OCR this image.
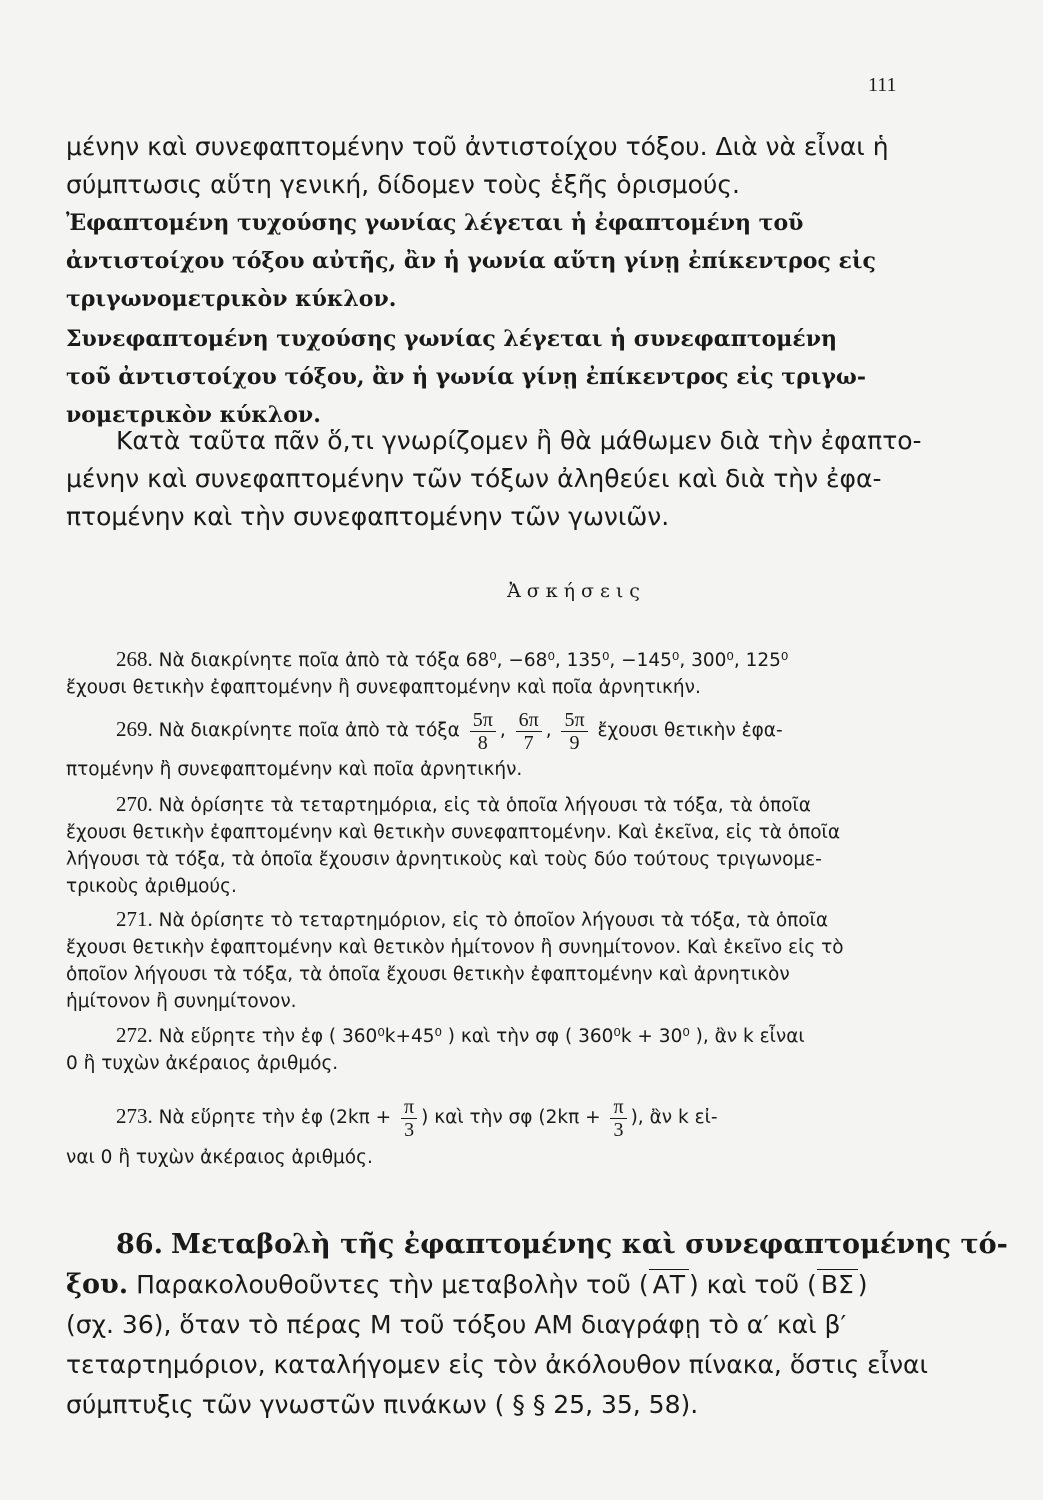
111

μένην καὶ συνεφαπτομένην τοῦ ἀντιστοίχου τόξου. Διὰ νὰ εἶναι ἡ

σύμπτωσις αὕτη γενική, δίδομεν τοὺς ἑξῆς ὁρισμούς.

Ἐφαπτομένη τυχούσης γωνίας λέγεται ἡ ἐφαπτομένη τοῦ

ἀντιστοίχου τόξου αὐτῆς, ἂν ἡ γωνία αὕτη γίνῃ ἐπίκεντρος εἰς

τριγωνομετρικὸν κύκλον.

Συνεφαπτομένη τυχούσης γωνίας λέγεται ἡ συνεφαπτομένη

τοῦ ἀντιστοίχου τόξου, ἂν ἡ γωνία γίνῃ ἐπίκεντρος εἰς τριγω-

νομετρικὸν κύκλον.

Κατὰ ταῦτα πᾶν ὅ,τι γνωρίζομεν ἢ θὰ μάθωμεν διὰ τὴν ἐφαπτο-

μένην καὶ συνεφαπτομένην τῶν τόξων ἀληθεύει καὶ διὰ τὴν ἐφα-

πτομένην καὶ τὴν συνεφαπτομένην τῶν γωνιῶν.

Ἀσκήσεις

268. Νὰ διακρίνητε ποῖα ἀπὸ τὰ τόξα 68⁰, −68⁰, 135⁰, −145⁰, 300⁰, 125⁰

ἔχουσι θετικὴν ἐφαπτομένην ἢ συνεφαπτομένην καὶ ποῖα ἀρνητικήν.

269. Νὰ διακρίνητε ποῖα ἀπὸ τὰ τόξα $\frac{5\pi}{8}$ , $\frac{6\pi}{7}$ , $\frac{5\pi}{9}$ ἔχουσι θετικὴν ἐφα-

πτομένην ἢ συνεφαπτομένην καὶ ποῖα ἀρνητικήν.

270. Νὰ ὁρίσητε τὰ τεταρτημόρια, εἰς τὰ ὁποῖα λήγουσι τὰ τόξα, τὰ ὁποῖα

ἔχουσι θετικὴν ἐφαπτομένην καὶ θετικὴν συνεφαπτομένην. Καὶ ἐκεῖνα, εἰς τὰ ὁποῖα

λήγουσι τὰ τόξα, τὰ ὁποῖα ἔχουσιν ἀρνητικοὺς καὶ τοὺς δύο τούτους τριγωνομε-

τρικοὺς ἀριθμούς.

271. Νὰ ὁρίσητε τὸ τεταρτημόριον, εἰς τὸ ὁποῖον λήγουσι τὰ τόξα, τὰ ὁποῖα

ἔχουσι θετικὴν ἐφαπτομένην καὶ θετικὸν ἡμίτονον ἢ συνημίτονον. Καὶ ἐκεῖνο εἰς τὸ

ὁποῖον λήγουσι τὰ τόξα, τὰ ὁποῖα ἔχουσι θετικὴν ἐφαπτομένην καὶ ἀρνητικὸν

ἡμίτονον ἢ συνημίτονον.

272. Νὰ εὕρητε τὴν ἐφ ( 360⁰k+45⁰ ) καὶ τὴν σφ ( 360⁰k + 30⁰ ), ἂν k εἶναι

0 ἢ τυχὼν ἀκέραιος ἀριθμός.

273. Νὰ εὕρητε τὴν ἐφ ($2k\pi + \frac{\pi}{3}$ ) καὶ τὴν σφ ($2k\pi + \frac{\pi}{3}$ ), ἂν k εἰ-

ναι 0 ἢ τυχὼν ἀκέραιος ἀριθμός.

86. Μεταβολὴ τῆς ἐφαπτομένης καὶ συνεφαπτομένης τό-

ξου. Παρακολουθοῦντες τὴν μεταβολὴν τοῦ ( ΑΤ ) καὶ τοῦ ( ΒΣ )

(σχ. 36), ὅταν τὸ πέρας Μ τοῦ τόξου ΑΜ διαγράφῃ τὸ α′ καὶ β′

τεταρτημόριον, καταλήγομεν εἰς τὸν ἀκόλουθον πίνακα, ὅστις εἶναι

σύμπτυξις τῶν γνωστῶν πινάκων ( § § 25, 35, 58).
